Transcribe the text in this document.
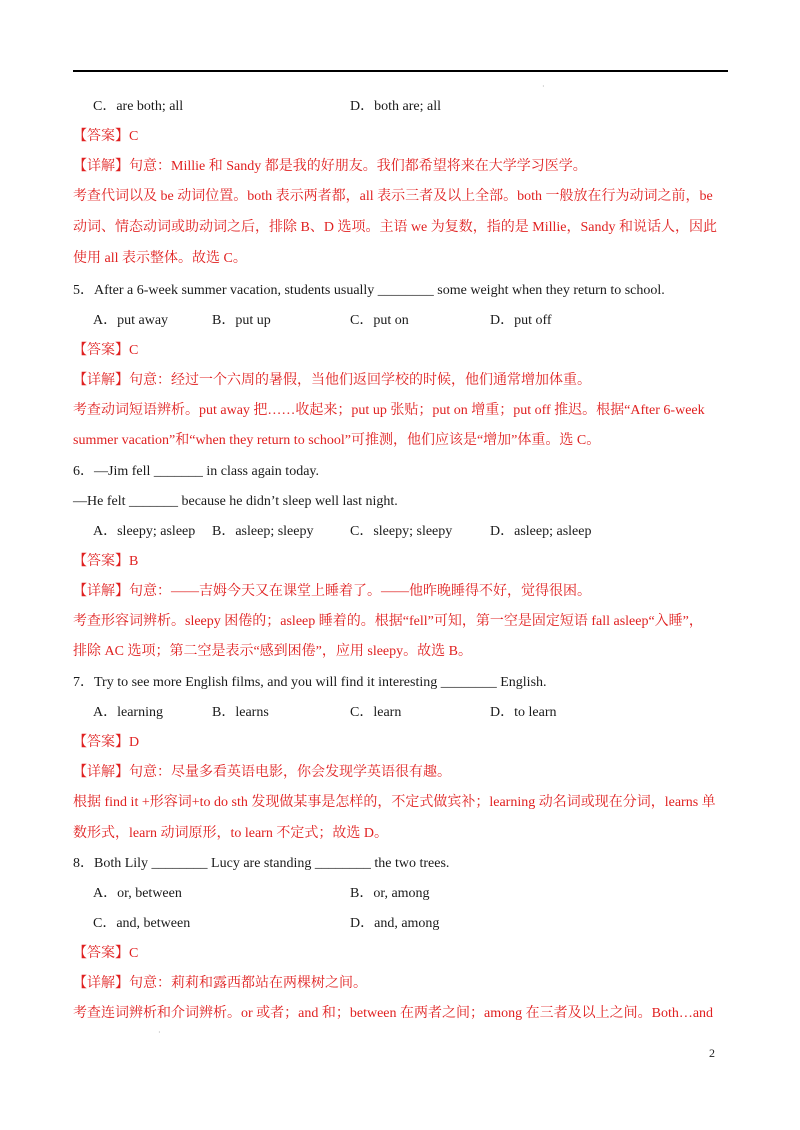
·
C．are both; all	D．both are; all
【答案】C
【详解】句意：Millie 和 Sandy 都是我的好朋友。我们都希望将来在大学学习医学。
考查代词以及 be 动词位置。both 表示两者都，all 表示三者及以上全部。both 一般放在行为动词之前，be
动词、情态动词或助动词之后，排除 B、D 选项。主语 we 为复数，指的是 Millie，Sandy 和说话人，因此
使用 all 表示整体。故选 C。
5．After a 6-week summer vacation, students usually ________ some weight when they return to school.
A．put away	B．put up	C．put on	D．put off
【答案】C
【详解】句意：经过一个六周的暑假，当他们返回学校的时候，他们通常增加体重。
考查动词短语辨析。put away 把……收起来；put up 张贴；put on 增重；put off 推迟。根据“After 6-week
summer vacation”和“when they return to school”可推测，他们应该是“增加”体重。选 C。
6．—Jim fell _______ in class again today.
—He felt _______ because he didn’t sleep well last night.
A．sleepy; asleep B．asleep; sleepy	C．sleepy; sleepy	D．asleep; asleep
【答案】B
【详解】句意：——吉姆今天又在课堂上睡着了。——他昨晚睡得不好，觉得很困。
考查形容词辨析。sleepy 困倦的；asleep 睡着的。根据“fell”可知，第一空是固定短语 fall asleep“入睡”，
排除 AC 选项；第二空是表示“感到困倦”，应用 sleepy。故选 B。
7．Try to see more English films, and you will find it interesting ________ English.
A．learning	B．learns	C．learn	D．to learn
【答案】D
【详解】句意：尽量多看英语电影，你会发现学英语很有趣。
根据 find it +形容词+to do sth 发现做某事是怎样的，不定式做宾补；learning 动名词或现在分词，learns 单
数形式，learn 动词原形，to learn 不定式；故选 D。
8．Both Lily ________ Lucy are standing ________ the two trees.
A．or, between	B．or, among
C．and, between	D．and, among
【答案】C
【详解】句意：莉莉和露西都站在两棵树之间。
考查连词辨析和介词辨析。or 或者；and 和；between 在两者之间；among 在三者及以上之间。Both…and
·
2
